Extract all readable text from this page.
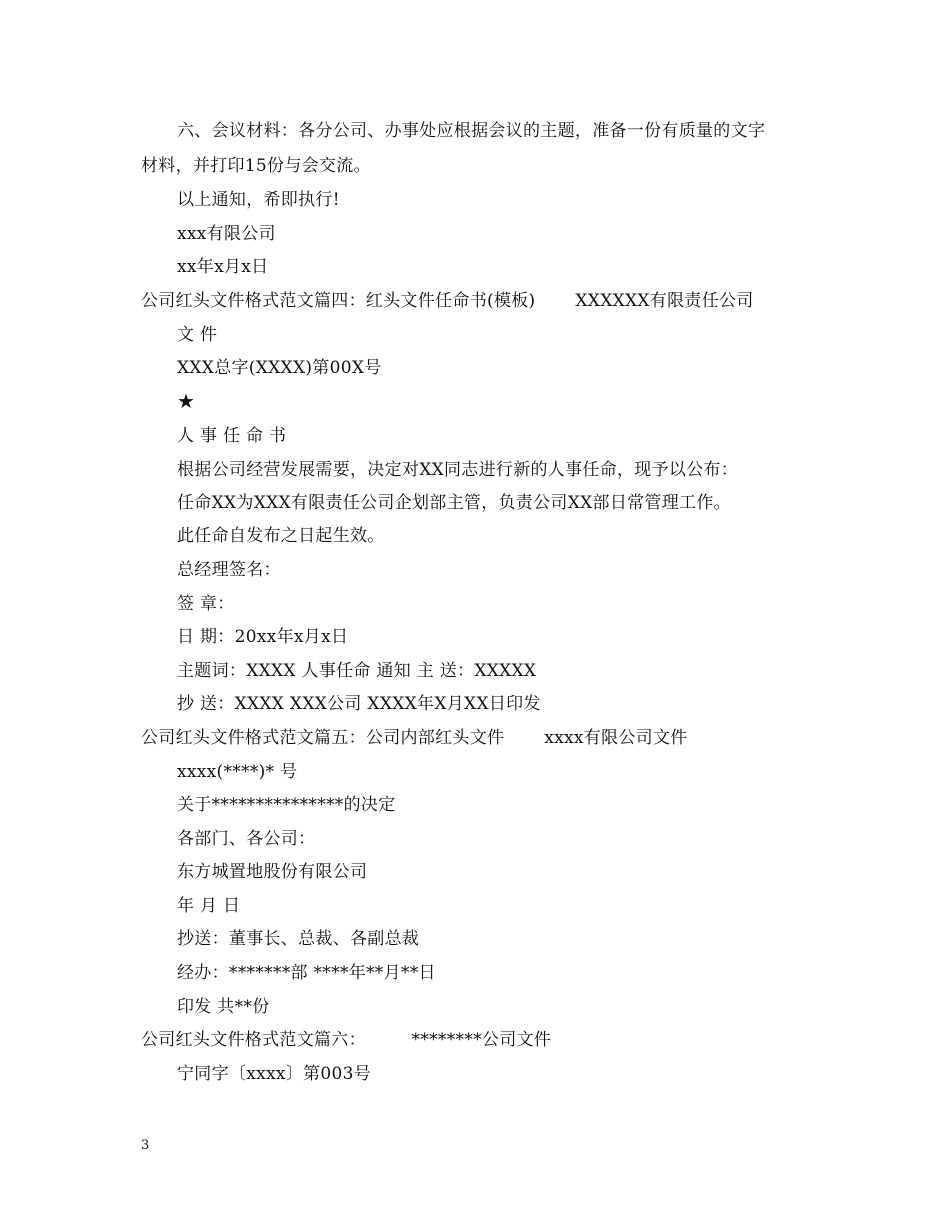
六、会议材料：各分公司、办事处应根据会议的主题，准备一份有质量的文字
材料，并打印15份与会交流。
以上通知，希即执行!
xxx有限公司
xx年x月x日
公司红头文件格式范文篇四：红头文件任命书(模板)       XXXXXX有限责任公司
文 件
XXX总字(XXXX)第00X号
★
人 事 任 命 书
根据公司经营发展需要，决定对XX同志进行新的人事任命，现予以公布：
任命XX为XXX有限责任公司企划部主管，负责公司XX部日常管理工作。
此任命自发布之日起生效。
总经理签名：
签 章：
日 期：20xx年x月x日
主题词：XXXX 人事任命 通知 主 送：XXXXX
抄 送：XXXX XXX公司 XXXX年X月XX日印发
公司红头文件格式范文篇五：公司内部红头文件       xxxx有限公司文件
xxxx(****)* 号
关于***************的决定
各部门、各公司：
东方城置地股份有限公司
年 月 日
抄送：董事长、总裁、各副总裁
经办：*******部 ****年**月**日
印发 共**份
公司红头文件格式范文篇六：        ********公司文件
宁同字〔xxxx〕第003号
3
